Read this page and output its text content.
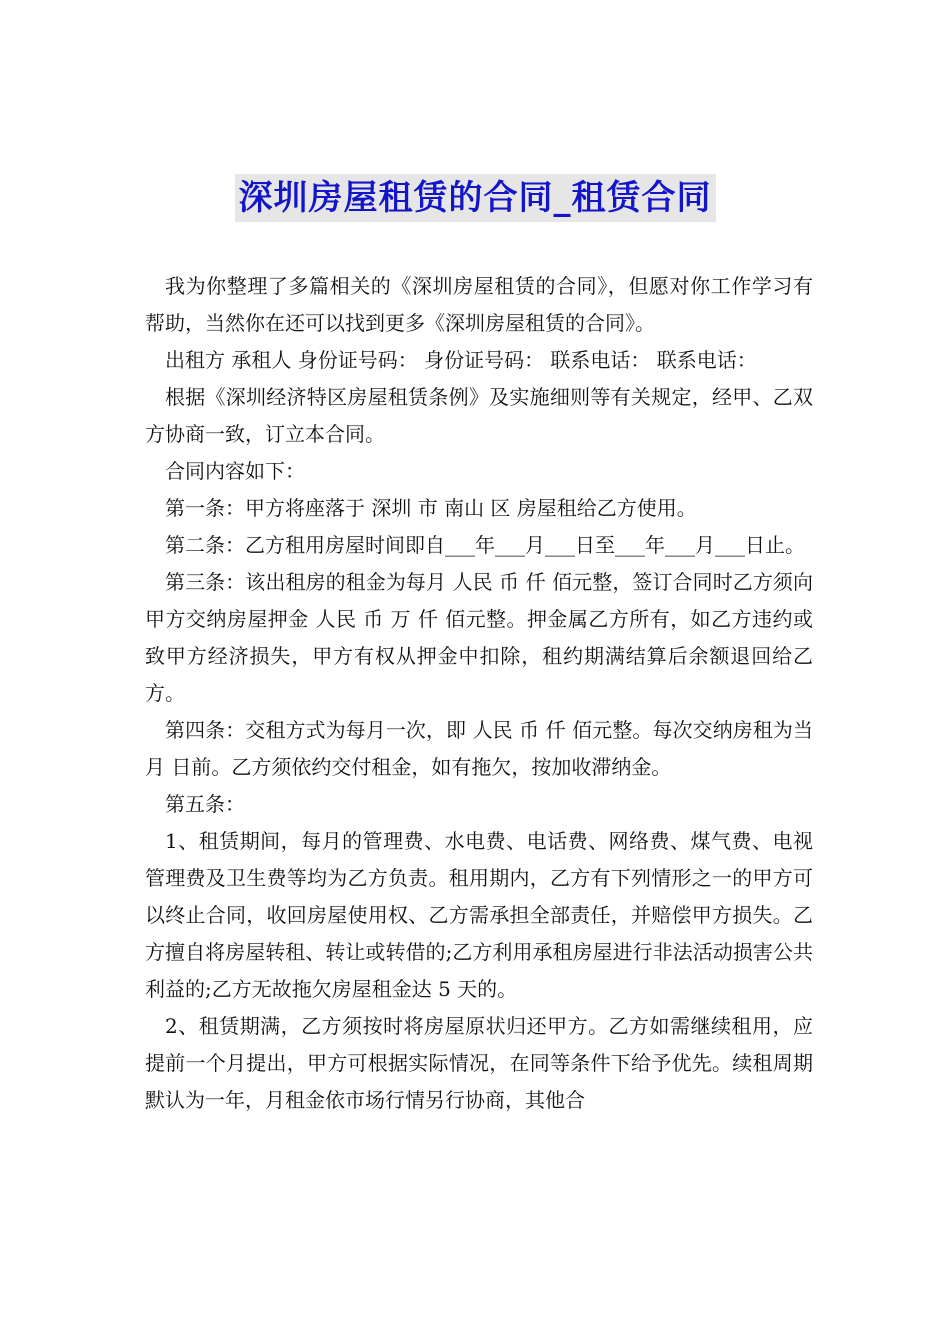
深圳房屋租赁的合同_租赁合同

我为你整理了多篇相关的《深圳房屋租赁的合同》，但愿对你工作学习有帮助，当然你在还可以找到更多《深圳房屋租赁的合同》。

出租方 承租人 身份证号码： 身份证号码： 联系电话： 联系电话：

根据《深圳经济特区房屋租赁条例》及实施细则等有关规定，经甲、乙双方协商一致，订立本合同。

合同内容如下：

第一条：甲方将座落于 深圳 市 南山 区 房屋租给乙方使用。

第二条：乙方租用房屋时间即自___年___月___日至___年___月___日止。

第三条：该出租房的租金为每月 人民 币 仟 佰元整，签订合同时乙方须向甲方交纳房屋押金 人民 币 万 仟 佰元整。押金属乙方所有，如乙方违约或致甲方经济损失，甲方有权从押金中扣除，租约期满结算后余额退回给乙方。

第四条：交租方式为每月一次，即 人民 币 仟 佰元整。每次交纳房租为当月 日前。乙方须依约交付租金，如有拖欠，按加收滞纳金。

第五条：

1、租赁期间，每月的管理费、水电费、电话费、网络费、煤气费、电视管理费及卫生费等均为乙方负责。租用期内，乙方有下列情形之一的甲方可以终止合同，收回房屋使用权、乙方需承担全部责任，并赔偿甲方损失。乙方擅自将房屋转租、转让或转借的;乙方利用承租房屋进行非法活动损害公共利益的;乙方无故拖欠房屋租金达 5 天的。

2、租赁期满，乙方须按时将房屋原状归还甲方。乙方如需继续租用，应提前一个月提出，甲方可根据实际情况，在同等条件下给予优先。续租周期默认为一年，月租金依市场行情另行协商，其他合
